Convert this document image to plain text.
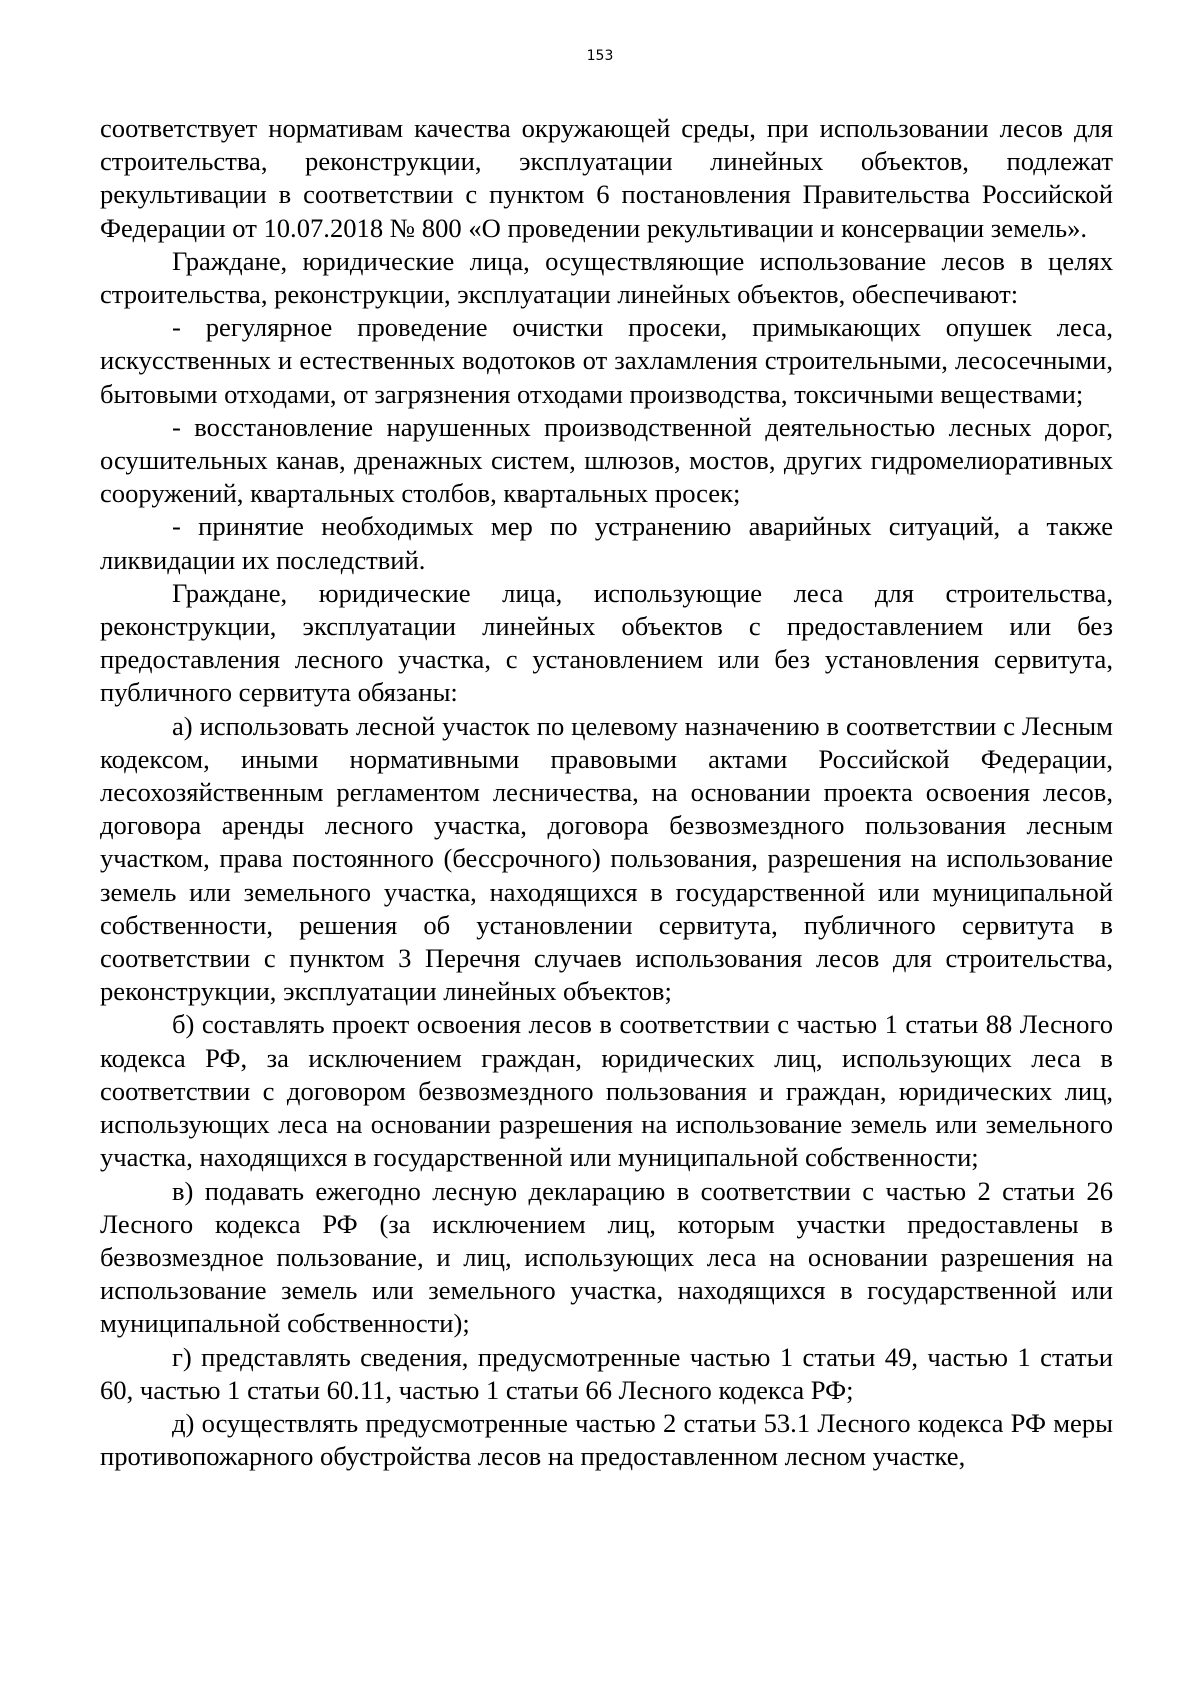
153

соответствует нормативам качества окружающей среды, при использовании лесов для строительства, реконструкции, эксплуатации линейных объектов, подлежат рекультивации в соответствии с пунктом 6 постановления Правительства Российской Федерации от 10.07.2018 № 800 «О проведении рекультивации и консервации земель».

Граждане, юридические лица, осуществляющие использование лесов в целях строительства, реконструкции, эксплуатации линейных объектов, обеспечивают:

- регулярное проведение очистки просеки, примыкающих опушек леса, искусственных и естественных водотоков от захламления строительными, лесосечными, бытовыми отходами, от загрязнения отходами производства, токсичными веществами;

- восстановление нарушенных производственной деятельностью лесных дорог, осушительных канав, дренажных систем, шлюзов, мостов, других гидромелиоративных сооружений, квартальных столбов, квартальных просек;

- принятие необходимых мер по устранению аварийных ситуаций, а также ликвидации их последствий.

Граждане, юридические лица, использующие леса для строительства, реконструкции, эксплуатации линейных объектов с предоставлением или без предоставления лесного участка, с установлением или без установления сервитута, публичного сервитута обязаны:

а) использовать лесной участок по целевому назначению в соответствии с Лесным кодексом, иными нормативными правовыми актами Российской Федерации, лесохозяйственным регламентом лесничества, на основании проекта освоения лесов, договора аренды лесного участка, договора безвозмездного пользования лесным участком, права постоянного (бессрочного) пользования, разрешения на использование земель или земельного участка, находящихся в государственной или муниципальной собственности, решения об установлении сервитута, публичного сервитута в соответствии с пунктом 3 Перечня случаев использования лесов для строительства, реконструкции, эксплуатации линейных объектов;

б) составлять проект освоения лесов в соответствии с частью 1 статьи 88 Лесного кодекса РФ, за исключением граждан, юридических лиц, использующих леса в соответствии с договором безвозмездного пользования и граждан, юридических лиц, использующих леса на основании разрешения на использование земель или земельного участка, находящихся в государственной или муниципальной собственности;

в) подавать ежегодно лесную декларацию в соответствии с частью 2 статьи 26 Лесного кодекса РФ (за исключением лиц, которым участки предоставлены в безвозмездное пользование, и лиц, использующих леса на основании разрешения на использование земель или земельного участка, находящихся в государственной или муниципальной собственности);

г) представлять сведения, предусмотренные частью 1 статьи 49, частью 1 статьи 60, частью 1 статьи 60.11, частью 1 статьи 66 Лесного кодекса РФ;

д) осуществлять предусмотренные частью 2 статьи 53.1 Лесного кодекса РФ меры противопожарного обустройства лесов на предоставленном лесном участке,
